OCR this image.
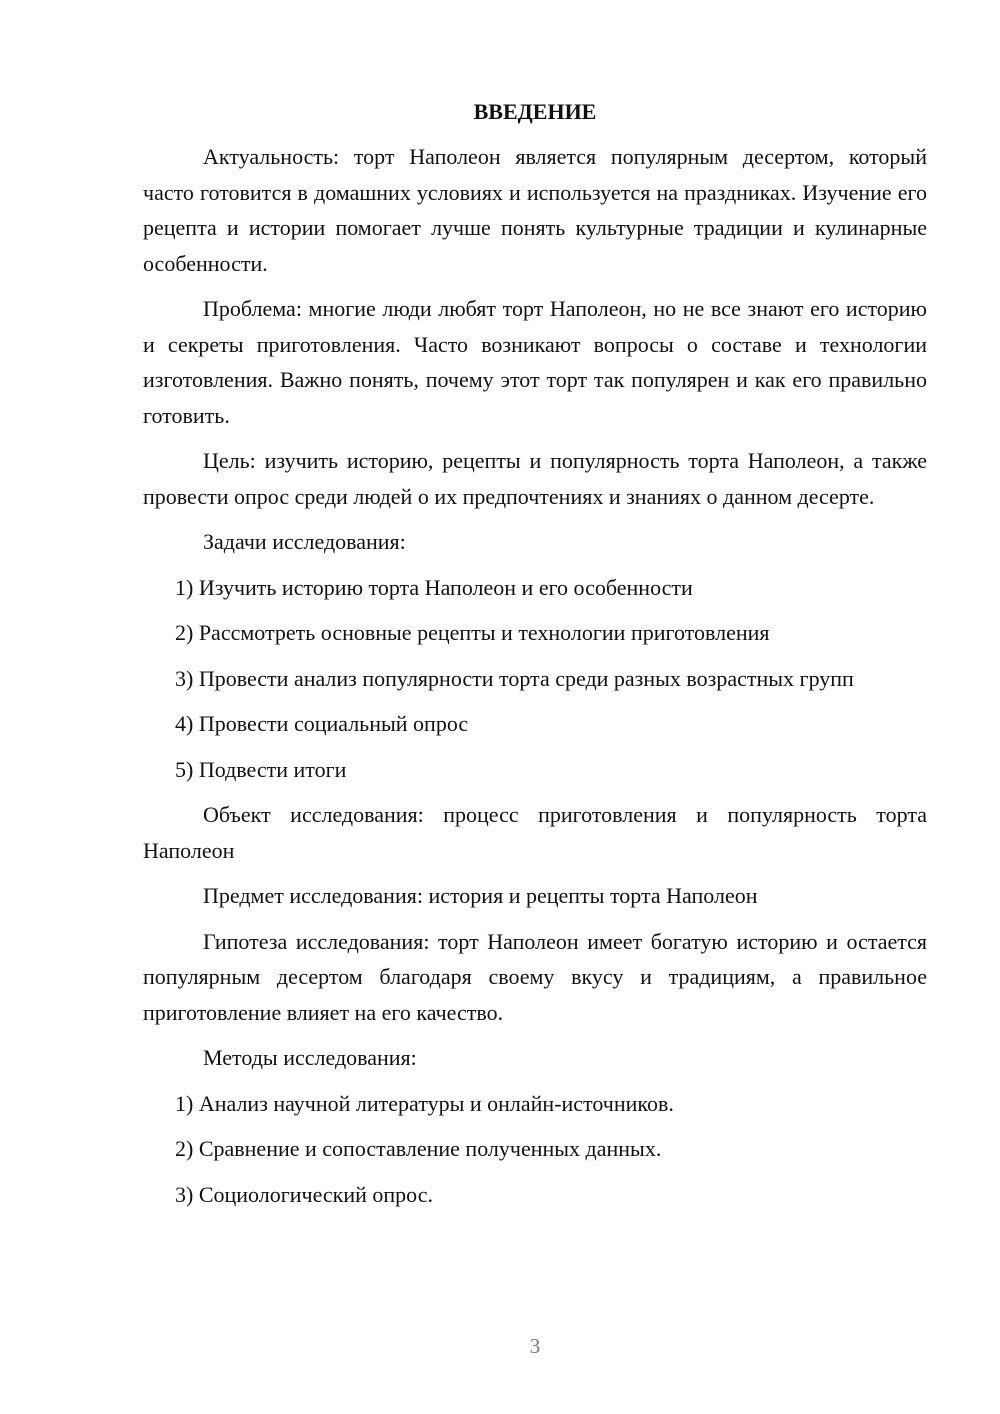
ВВЕДЕНИЕ

Актуальность: торт Наполеон является популярным десертом, который часто готовится в домашних условиях и используется на праздниках. Изучение его рецепта и истории помогает лучше понять культурные традиции и кулинарные особенности.

Проблема: многие люди любят торт Наполеон, но не все знают его историю и секреты приготовления. Часто возникают вопросы о составе и технологии изготовления. Важно понять, почему этот торт так популярен и как его правильно готовить.

Цель: изучить историю, рецепты и популярность торта Наполеон, а также провести опрос среди людей о их предпочтениях и знаниях о данном десерте.

Задачи исследования:

1) Изучить историю торта Наполеон и его особенности

2) Рассмотреть основные рецепты и технологии приготовления

3) Провести анализ популярности торта среди разных возрастных групп

4) Провести социальный опрос

5) Подвести итоги

Объект исследования: процесс приготовления и популярность торта Наполеон

Предмет исследования: история и рецепты торта Наполеон

Гипотеза исследования: торт Наполеон имеет богатую историю и остается популярным десертом благодаря своему вкусу и традициям, а правильное приготовление влияет на его качество.

Методы исследования:

1) Анализ научной литературы и онлайн-источников.

2) Сравнение и сопоставление полученных данных.

3) Социологический опрос.

3
